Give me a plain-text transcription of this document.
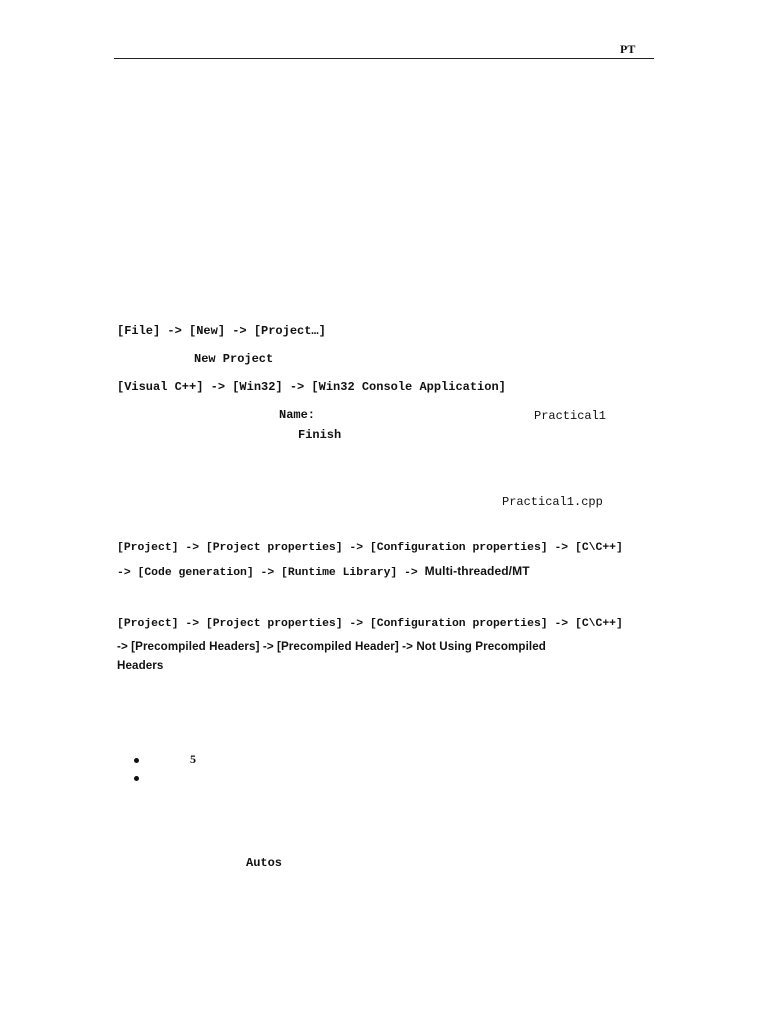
PT
[File] -> [New] -> [Project…]
New Project
[Visual C++] -> [Win32] -> [Win32 Console Application]
Name:	Practical1
Finish
Practical1.cpp
[Project] -> [Project properties] -> [Configuration properties] -> [C\C++]
-> [Code generation] -> [Runtime Library] -> Multi-threaded/MT
[Project] -> [Project properties] -> [Configuration properties] -> [C\C++]
-> [Precompiled Headers] -> [Precompiled Header] -> Not Using Precompiled
Headers
5
Autos
